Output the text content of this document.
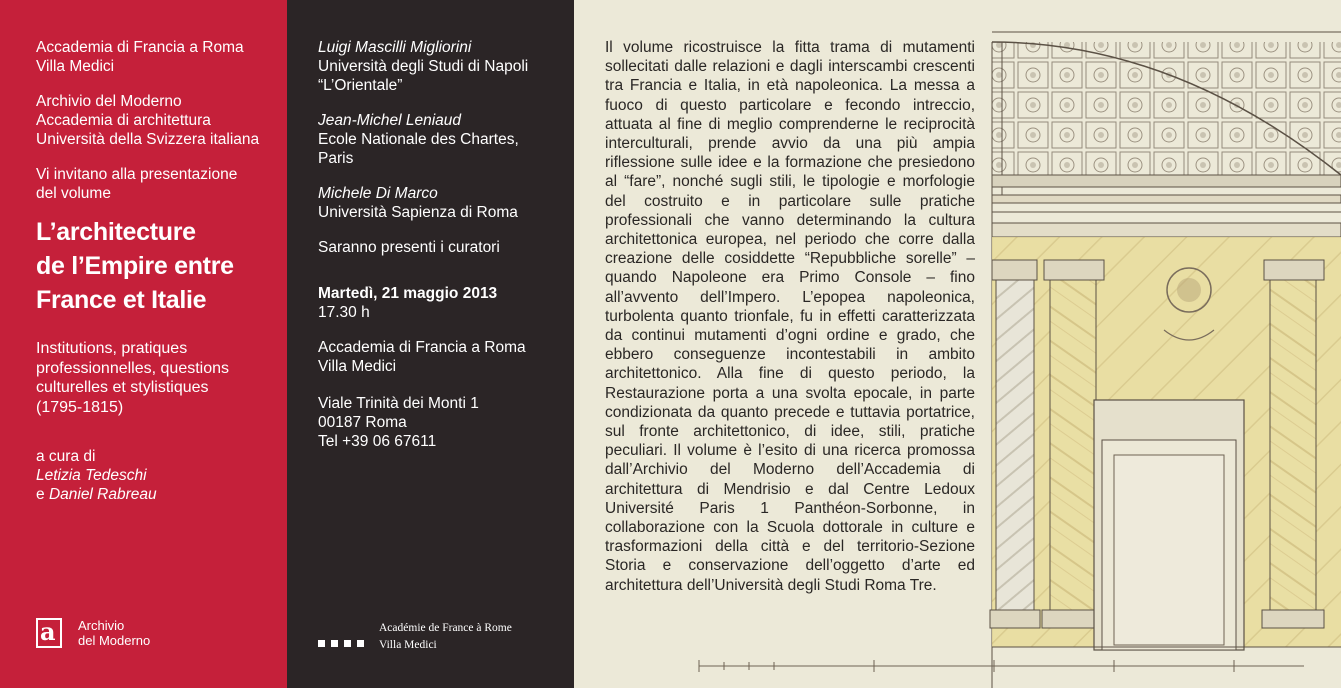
Accademia di Francia a Roma

Villa Medici

Archivio del Moderno

Accademia di architettura

Università della Svizzera italiana

Vi invitano alla presentazione

del volume

L’architecture
de l’Empire entre
France et Italie
Institutions, pratiques
professionnelles, questions
culturelles et stylistiques
(1795-1815)

a cura di

Letizia Tedeschi

e Daniel Rabreau

a Archivio
del Moderno

Luigi Mascilli Migliorini

Università degli Studi di Napoli

“L’Orientale”

Jean-Michel Leniaud

Ecole Nationale des Chartes,

Paris

Michele Di Marco

Università Sapienza di Roma

Saranno presenti i curatori

Martedì, 21 maggio 2013

17.30 h

Accademia di Francia a Roma

Villa Medici

Viale Trinità dei Monti 1

00187 Roma

Tel +39 06 67611

Académie de France à Rome
Villa Medici

Il volume ricostruisce la fitta trama di mutamenti sollecitati dalle relazioni e dagli interscambi crescenti tra Francia e Italia, in età napoleonica. La messa a fuoco di questo particolare e fecondo intreccio, attuata al fine di meglio comprenderne le reciprocità interculturali, prende avvio da una più ampia riflessione sulle idee e la formazione che presiedono al “fare”, nonché sugli stili, le tipologie e morfologie del costruito e in particolare sulle pratiche professionali che vanno determinando la cultura architettonica europea, nel periodo che corre dalla creazione delle cosiddette “Repubbliche sorelle” – quando Napoleone era Primo Console – fino all’avvento dell’Impero. L’epopea napoleonica, turbolenta quanto trionfale, fu in effetti caratterizzata da continui mutamenti d’ogni ordine e grado, che ebbero conseguenze incontestabili in ambito architettonico. Alla fine di questo periodo, la Restaurazione porta a una svolta epocale, in parte condizionata da quanto precede e tuttavia portatrice, sul fronte architettonico, di idee, stili, pratiche peculiari. Il volume è l’esito di una ricerca promossa dall’Archivio del Moderno dell’Accademia di architettura di Mendrisio e dal Centre Ledoux Université Paris 1 Panthéon-Sorbonne, in collaborazione con la Scuola dottorale in culture e trasformazioni della città e del territorio-Sezione Storia e conservazione dell’oggetto d’arte ed architettura dell’Università degli Studi Roma Tre.
